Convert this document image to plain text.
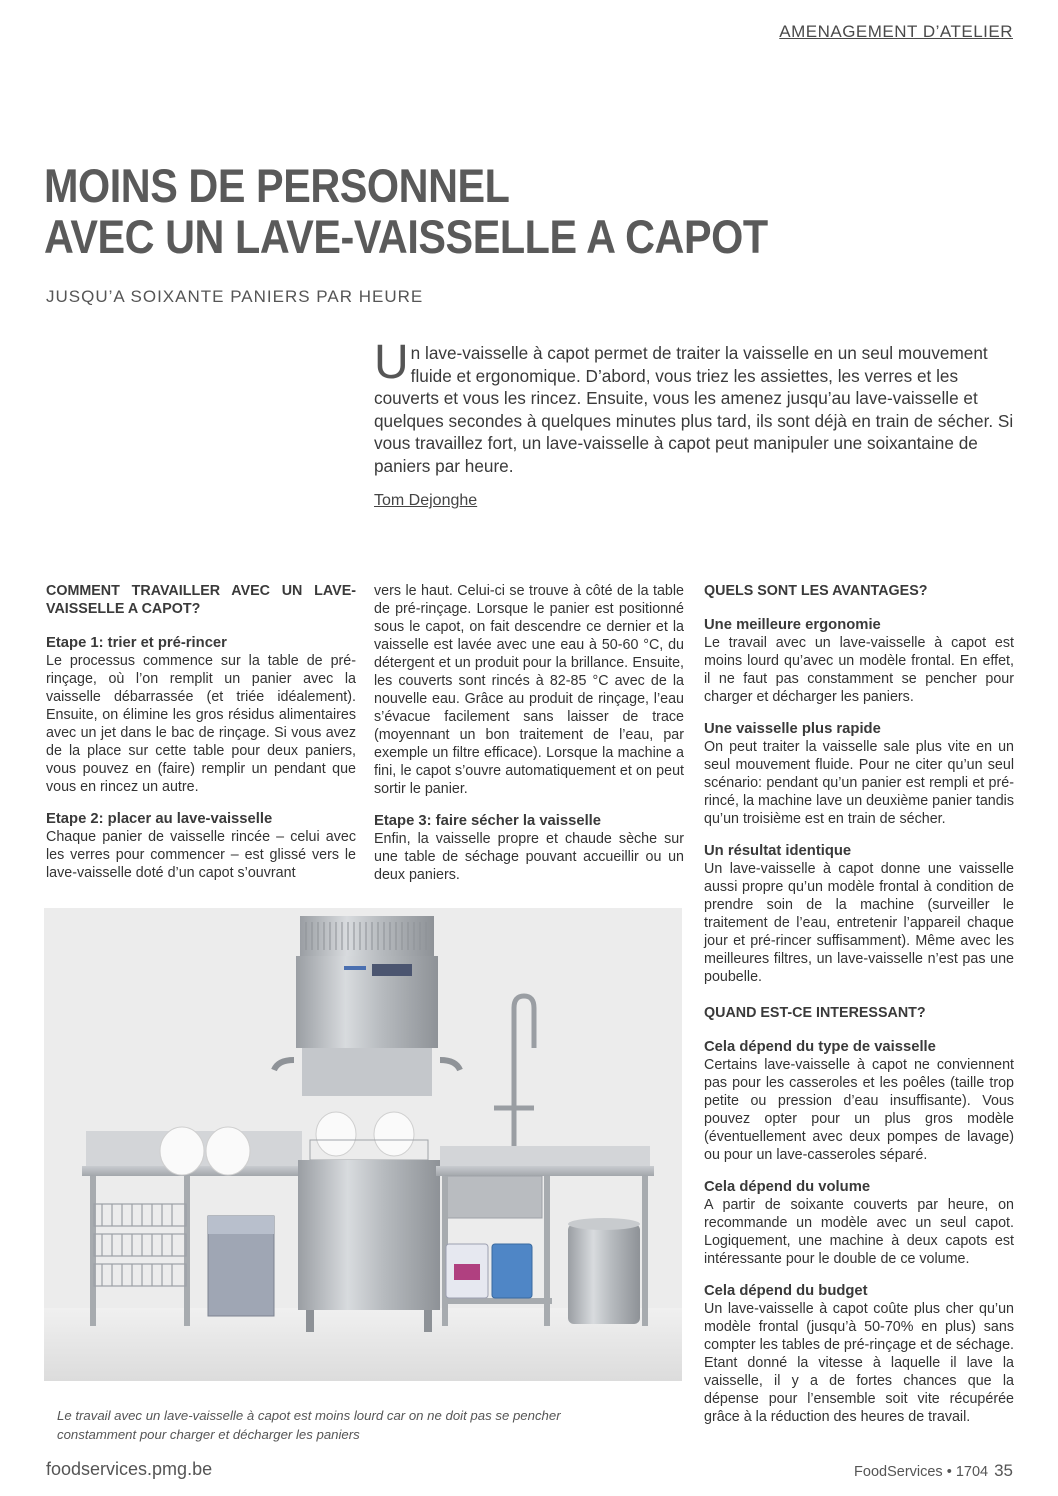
AMENAGEMENT D’ATELIER
MOINS DE PERSONNEL
AVEC UN LAVE-VAISSELLE A CAPOT
JUSQU’A SOIXANTE PANIERS PAR HEURE
Un lave-vaisselle à capot permet de traiter la vaisselle en un seul mouvement fluide et ergonomique. D’abord, vous triez les assiettes, les verres et les couverts et vous les rincez. Ensuite, vous les amenez jusqu’au lave-vaisselle et quelques secondes à quelques minutes plus tard, ils sont déjà en train de sécher. Si vous travaillez fort, un lave-vaisselle à capot peut manipuler une soixantaine de paniers par heure.
Tom Dejonghe
COMMENT TRAVAILLER AVEC UN LAVE-VAISSELLE A CAPOT?
Etape 1: trier et pré-rincer

Le processus commence sur la table de pré-rinçage, où l’on remplit un panier avec la vaisselle débarrassée (et triée idéalement). Ensuite, on élimine les gros résidus alimentaires avec un jet dans le bac de rinçage. Si vous avez de la place sur cette table pour deux paniers, vous pouvez en (faire) remplir un pendant que vous en rincez un autre.

Etape 2: placer au lave-vaisselle

Chaque panier de vaisselle rincée – celui avec les verres pour commencer – est glissé vers le lave-vaisselle doté d’un capot s’ouvrant

vers le haut. Celui-ci se trouve à côté de la table de pré-rinçage. Lorsque le panier est positionné sous le capot, on fait descendre ce dernier et la vaisselle est lavée avec une eau à 50-60 °C, du détergent et un produit pour la brillance. Ensuite, les couverts sont rincés à 82-85 °C avec de la nouvelle eau. Grâce au produit de rinçage, l’eau s’évacue facilement sans laisser de trace (moyennant un bon traitement de l’eau, par exemple un filtre efficace). Lorsque la machine a fini, le capot s’ouvre automatiquement et on peut sortir le panier.

Etape 3: faire sécher la vaisselle

Enfin, la vaisselle propre et chaude sèche sur une table de séchage pouvant accueillir ou un deux paniers.

QUELS SONT LES AVANTAGES?
Une meilleure ergonomie

Le travail avec un lave-vaisselle à capot est moins lourd qu’avec un modèle frontal. En effet, il ne faut pas constamment se pencher pour charger et décharger les paniers.

Une vaisselle plus rapide

On peut traiter la vaisselle sale plus vite en un seul mouvement fluide. Pour ne citer qu’un seul scénario: pendant qu’un panier est rempli et pré-rincé, la machine lave un deuxième panier tandis qu’un troisième est en train de sécher.

Un résultat identique

Un lave-vaisselle à capot donne une vaisselle aussi propre qu’un modèle frontal à condition de prendre soin de la machine (surveiller le traitement de l’eau, entretenir l’appareil chaque jour et pré-rincer suffisamment). Même avec les meilleures filtres, un lave-vaisselle n’est pas une poubelle.

QUAND EST-CE INTERESSANT?
Cela dépend du type de vaisselle

Certains lave-vaisselle à capot ne conviennent pas pour les casseroles et les poêles (taille trop petite ou pression d’eau insuffisante). Vous pouvez opter pour un plus gros modèle (éventuellement avec deux pompes de lavage) ou pour un lave-casseroles séparé.

Cela dépend du volume

A partir de soixante couverts par heure, on recommande un modèle avec un seul capot. Logiquement, une machine à deux capots est intéressante pour le double de ce volume.

Cela dépend du budget

Un lave-vaisselle à capot coûte plus cher qu’un modèle frontal (jusqu’à 50-70% en plus) sans compter les tables de pré-rinçage et de séchage. Etant donné la vitesse à laquelle il lave la vaisselle, il y a de fortes chances que la dépense pour l’ensemble soit vite récupérée grâce à la réduction des heures de travail.

Le travail avec un lave-vaisselle à capot est moins lourd car on ne doit pas se pencher constamment pour charger et décharger les paniers
foodservices.pmg.be	FoodServices • 1704 35
